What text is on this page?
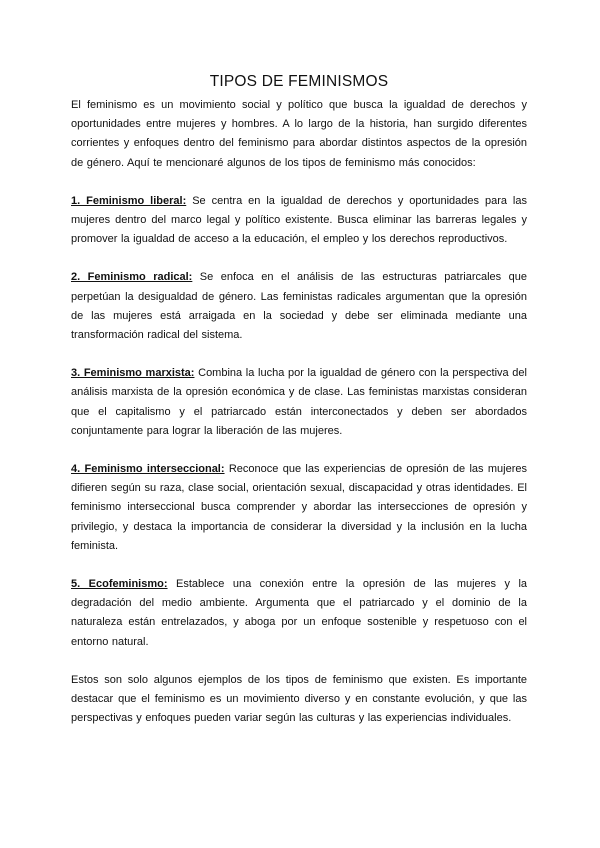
TIPOS DE FEMINISMOS

El feminismo es un movimiento social y político que busca la igualdad de derechos y oportunidades entre mujeres y hombres. A lo largo de la historia, han surgido diferentes corrientes y enfoques dentro del feminismo para abordar distintos aspectos de la opresión de género. Aquí te mencionaré algunos de los tipos de feminismo más conocidos:

1. Feminismo liberal: Se centra en la igualdad de derechos y oportunidades para las mujeres dentro del marco legal y político existente. Busca eliminar las barreras legales y promover la igualdad de acceso a la educación, el empleo y los derechos reproductivos.

2. Feminismo radical: Se enfoca en el análisis de las estructuras patriarcales que perpetúan la desigualdad de género. Las feministas radicales argumentan que la opresión de las mujeres está arraigada en la sociedad y debe ser eliminada mediante una transformación radical del sistema.

3. Feminismo marxista: Combina la lucha por la igualdad de género con la perspectiva del análisis marxista de la opresión económica y de clase. Las feministas marxistas consideran que el capitalismo y el patriarcado están interconectados y deben ser abordados conjuntamente para lograr la liberación de las mujeres.

4. Feminismo interseccional: Reconoce que las experiencias de opresión de las mujeres difieren según su raza, clase social, orientación sexual, discapacidad y otras identidades. El feminismo interseccional busca comprender y abordar las intersecciones de opresión y privilegio, y destaca la importancia de considerar la diversidad y la inclusión en la lucha feminista.

5. Ecofeminismo: Establece una conexión entre la opresión de las mujeres y la degradación del medio ambiente. Argumenta que el patriarcado y el dominio de la naturaleza están entrelazados, y aboga por un enfoque sostenible y respetuoso con el entorno natural.

Estos son solo algunos ejemplos de los tipos de feminismo que existen. Es importante destacar que el feminismo es un movimiento diverso y en constante evolución, y que las perspectivas y enfoques pueden variar según las culturas y las experiencias individuales.
